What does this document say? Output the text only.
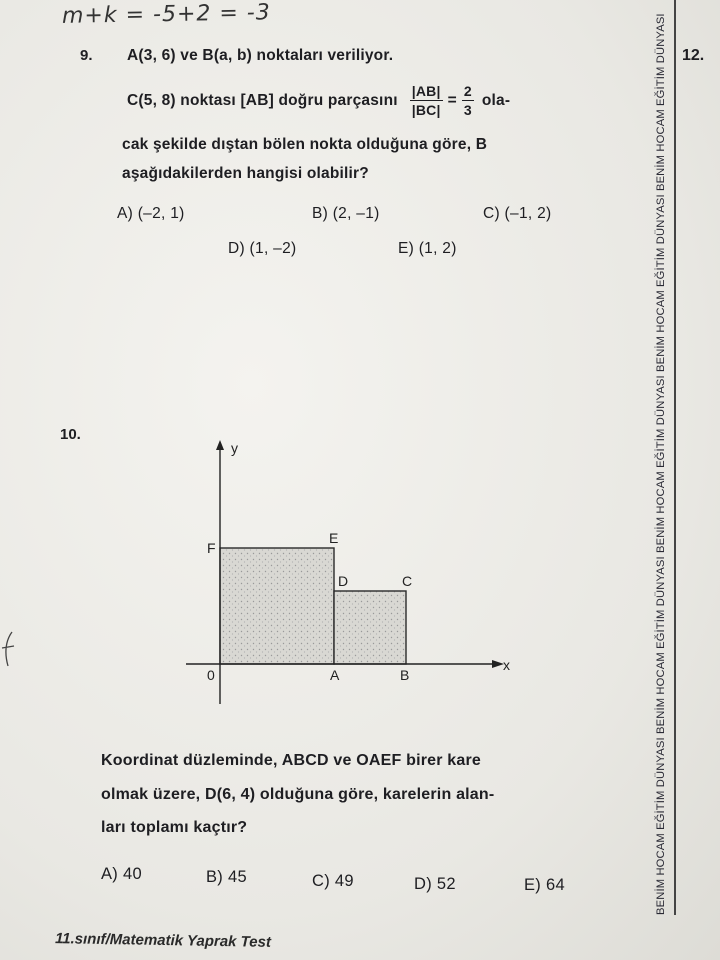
m+k = -5+2 = -3

9. A(3, 6) ve B(a, b) noktaları veriliyor.
C(5, 8) noktası [AB] doğru parçasını $\frac{|AB|}{|BC|} = \frac{2}{3} ola-$
cak şekilde dıştan bölen nokta olduğuna göre, B
aşağıdakilerden hangisi olabilir?
A) (–2, 1)	B) (2, –1)	C) (–1, 2)
D) (1, –2)	E) (1, 2)
10.
y
x
0
F
E
D	C
A	B
Koordinat düzleminde, ABCD ve OAEF birer kare
olmak üzere, D(6, 4) olduğuna göre, karelerin alan-
ları toplamı kaçtır?
A) 40	B) 45	C) 49	D) 52	E) 64
11.sınıf/Matematik Yaprak Test
BENİM HOCAM EĞİTİM DÜNYASI BENİM HOCAM EĞİTİM DÜNYASI BENİM HOCAM EĞİTİM DÜNYASI BENİM HOCAM EĞİTİM DÜNYASI BENİM HOCAM EĞİTİM DÜNYASI 12.
